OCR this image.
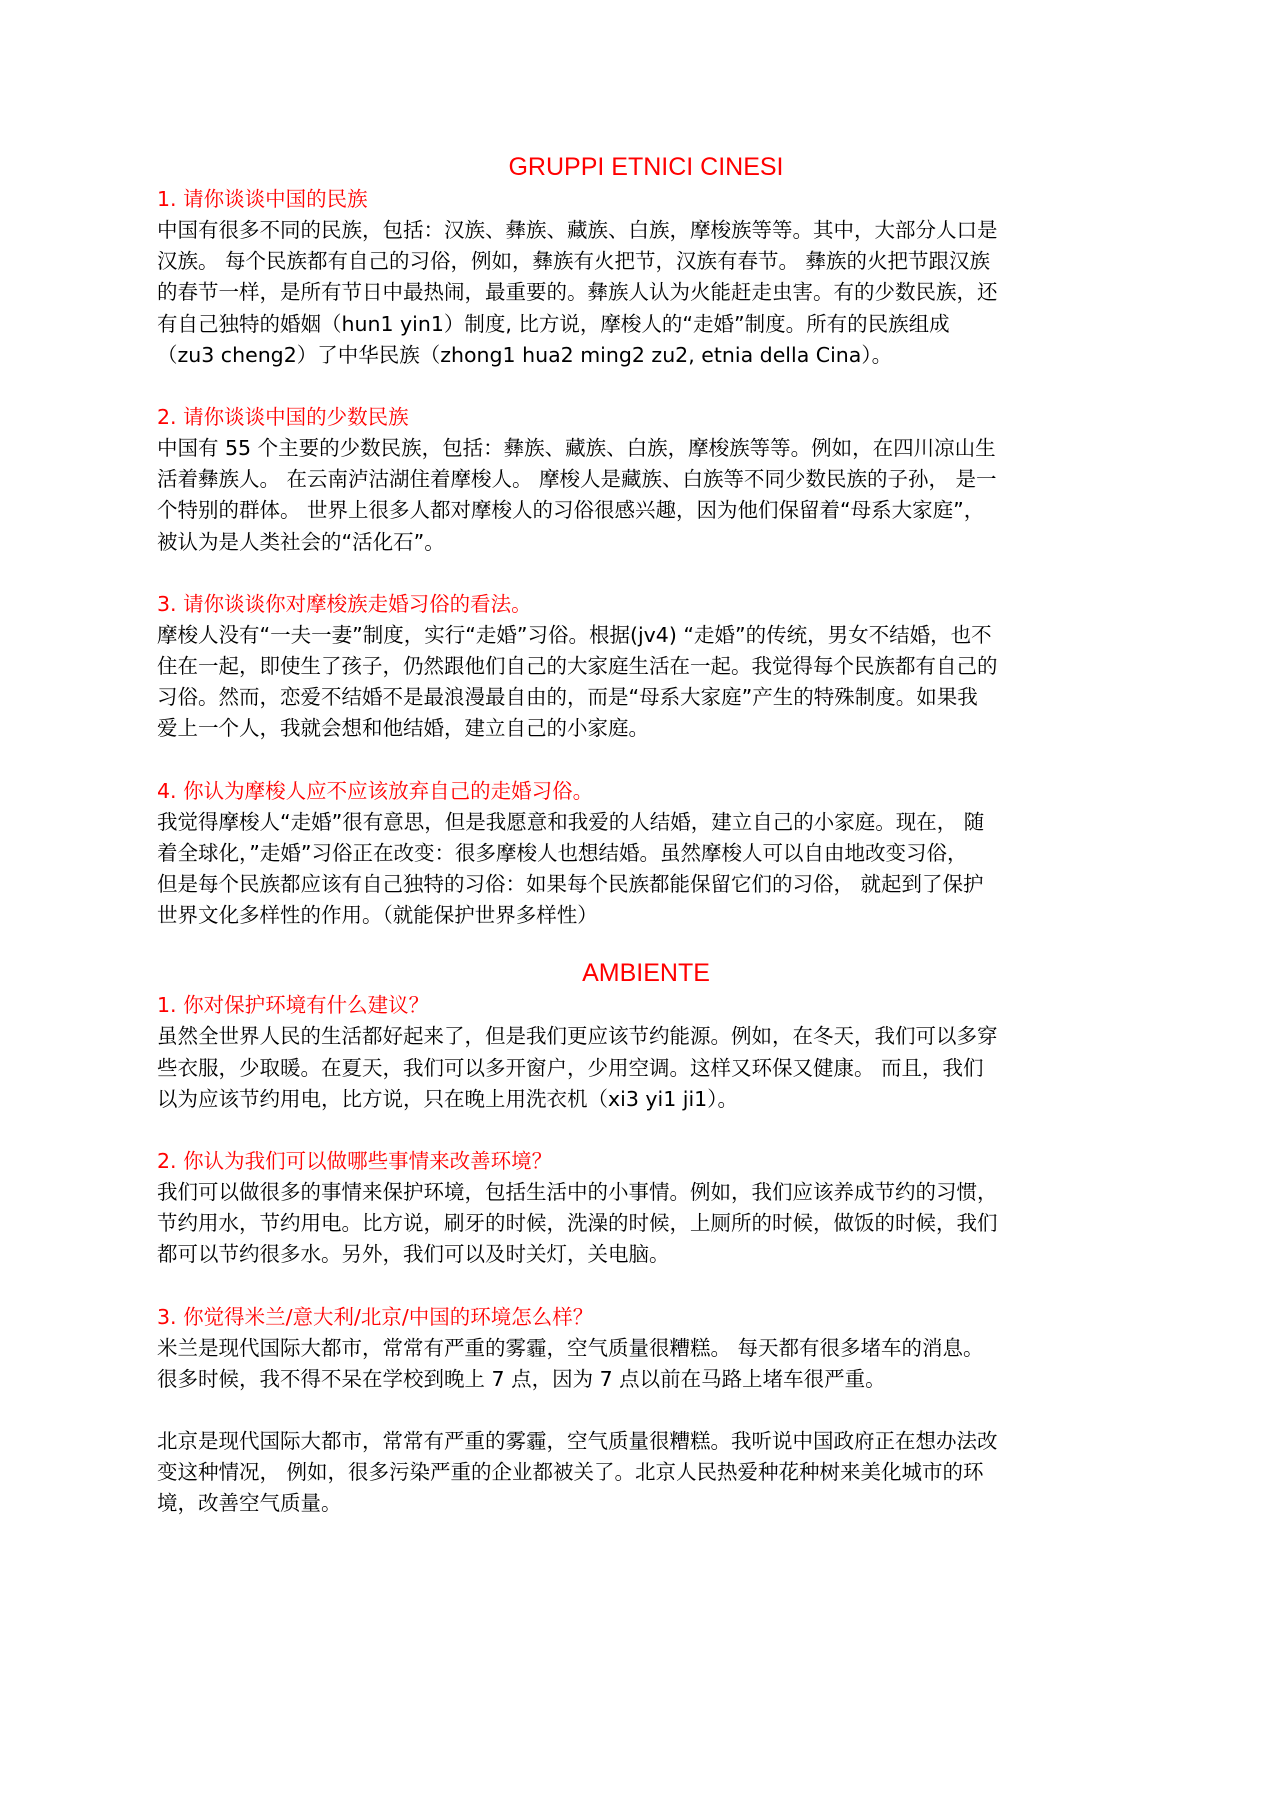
GRUPPI ETNICI CINESI

1. 请你谈谈中国的民族

中国有很多不同的民族，包括：汉族、彝族、藏族、白族，摩梭族等等。其中，大部分人口是
汉族。 每个民族都有自己的习俗，例如，彝族有火把节，汉族有春节。 彝族的火把节跟汉族
的春节一样，是所有节日中最热闹，最重要的。彝族人认为火能赶走虫害。有的少数民族，还
有自己独特的婚姻（hun1 yin1）制度, 比方说，摩梭人的“走婚”制度。所有的民族组成
（zu3 cheng2）了中华民族（zhong1 hua2 ming2 zu2, etnia della Cina）。

2. 请你谈谈中国的少数民族

中国有 55 个主要的少数民族，包括：彝族、藏族、白族，摩梭族等等。例如，在四川凉山生
活着彝族人。 在云南泸沽湖住着摩梭人。 摩梭人是藏族、白族等不同少数民族的子孙， 是一
个特别的群体。 世界上很多人都对摩梭人的习俗很感兴趣，因为他们保留着“母系大家庭”，
被认为是人类社会的“活化石”。

3. 请你谈谈你对摩梭族走婚习俗的看法。

摩梭人没有“一夫一妻”制度，实行“走婚”习俗。根据(jv4) “走婚”的传统，男女不结婚，也不
住在一起，即使生了孩子，仍然跟他们自己的大家庭生活在一起。我觉得每个民族都有自己的
习俗。然而，恋爱不结婚不是最浪漫最自由的，而是“母系大家庭”产生的特殊制度。如果我
爱上一个人，我就会想和他结婚，建立自己的小家庭。

4. 你认为摩梭人应不应该放弃自己的走婚习俗。

我觉得摩梭人“走婚”很有意思，但是我愿意和我爱的人结婚，建立自己的小家庭。现在， 随
着全球化，”走婚”习俗正在改变：很多摩梭人也想结婚。虽然摩梭人可以自由地改变习俗，
但是每个民族都应该有自己独特的习俗：如果每个民族都能保留它们的习俗， 就起到了保护
世界文化多样性的作用。（就能保护世界多样性）

AMBIENTE

1. 你对保护环境有什么建议？

虽然全世界人民的生活都好起来了，但是我们更应该节约能源。例如，在冬天，我们可以多穿
些衣服，少取暖。在夏天，我们可以多开窗户，少用空调。这样又环保又健康。 而且，我们
以为应该节约用电，比方说，只在晚上用洗衣机（xi3 yi1 ji1）。

2. 你认为我们可以做哪些事情来改善环境？

我们可以做很多的事情来保护环境，包括生活中的小事情。例如，我们应该养成节约的习惯，
节约用水，节约用电。比方说，刷牙的时候，洗澡的时候，上厕所的时候，做饭的时候，我们
都可以节约很多水。另外，我们可以及时关灯，关电脑。

3. 你觉得米兰/意大利/北京/中国的环境怎么样？

米兰是现代国际大都市，常常有严重的雾霾，空气质量很糟糕。 每天都有很多堵车的消息。
很多时候，我不得不呆在学校到晚上 7 点，因为 7 点以前在马路上堵车很严重。

北京是现代国际大都市，常常有严重的雾霾，空气质量很糟糕。我听说中国政府正在想办法改
变这种情况， 例如，很多污染严重的企业都被关了。北京人民热爱种花种树来美化城市的环
境，改善空气质量。
